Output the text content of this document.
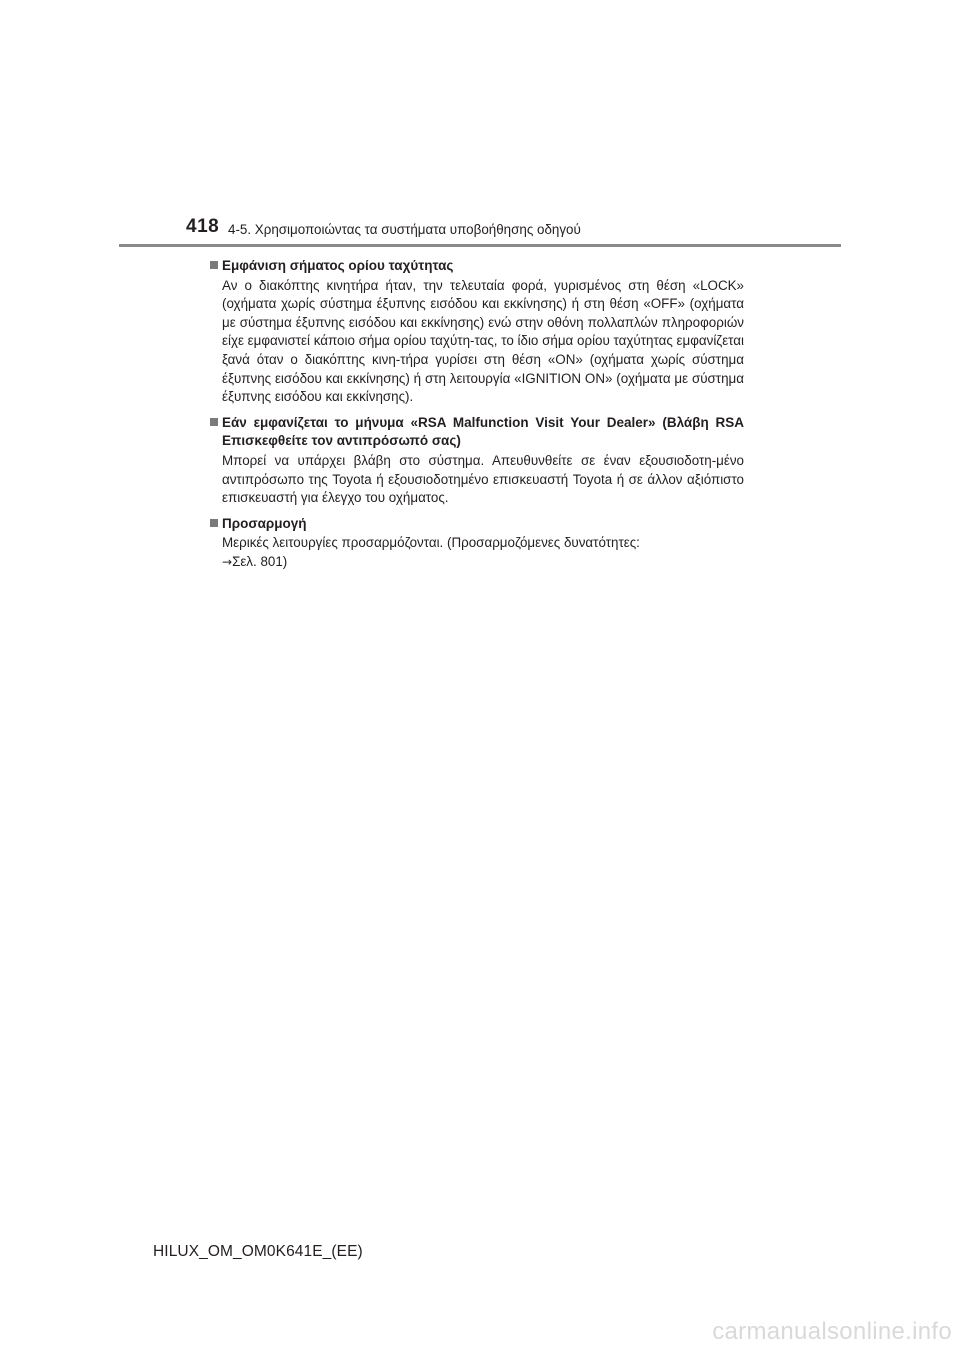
418 4-5. Χρησιμοποιώντας τα συστήματα υποβοήθησης οδηγού
Εμφάνιση σήματος ορίου ταχύτητας
Αν ο διακόπτης κινητήρα ήταν, την τελευταία φορά, γυρισμένος στη θέση «LOCK» (οχήματα χωρίς σύστημα έξυπνης εισόδου και εκκίνησης) ή στη θέση «OFF» (οχήματα με σύστημα έξυπνης εισόδου και εκκίνησης) ενώ στην οθόνη πολλαπλών πληροφοριών είχε εμφανιστεί κάποιο σήμα ορίου ταχύτη-τας, το ίδιο σήμα ορίου ταχύτητας εμφανίζεται ξανά όταν ο διακόπτης κινη-τήρα γυρίσει στη θέση «ON» (οχήματα χωρίς σύστημα έξυπνης εισόδου και εκκίνησης) ή στη λειτουργία «IGNITION ON» (οχήματα με σύστημα έξυπνης εισόδου και εκκίνησης).
Εάν εμφανίζεται το μήνυμα «RSA Malfunction Visit Your Dealer» (Βλάβη RSA Επισκεφθείτε τον αντιπρόσωπό σας)
Μπορεί να υπάρχει βλάβη στο σύστημα. Απευθυνθείτε σε έναν εξουσιοδοτη-μένο αντιπρόσωπο της Toyota ή εξουσιοδοτημένο επισκευαστή Toyota ή σε άλλον αξιόπιστο επισκευαστή για έλεγχο του οχήματος.
Προσαρμογή
Μερικές λειτουργίες προσαρμόζονται. (Προσαρμοζόμενες δυνατότητες:
→Σελ. 801)
HILUX_OM_OM0K641E_(EE)
carmanualsonline.info
